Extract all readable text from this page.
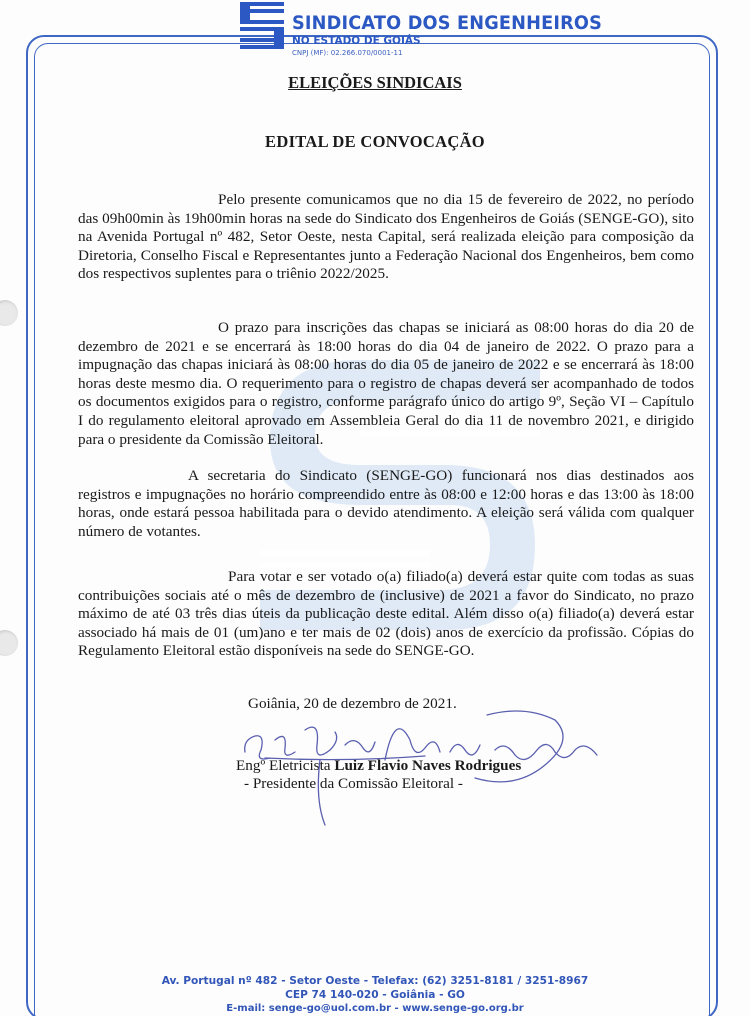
SINDICATO DOS ENGENHEIROS
NO ESTADO DE GOIÁS
CNPJ (MF): 02.266.070/0001-11
ELEIÇÕES SINDICAIS
EDITAL DE CONVOCAÇÃO

Pelo presente comunicamos que no dia 15 de fevereiro de 2022, no período das 09h00min às 19h00min horas na sede do Sindicato dos Engenheiros de Goiás (SENGE-GO), sito na Avenida Portugal nº 482, Setor Oeste, nesta Capital, será realizada eleição para composição da Diretoria, Conselho Fiscal e Representantes junto a Federação Nacional dos Engenheiros, bem como dos respectivos suplentes para o triênio 2022/2025.

O prazo para inscrições das chapas se iniciará as 08:00 horas do dia 20 de dezembro de 2021 e se encerrará às 18:00 horas do dia 04 de janeiro de 2022. O prazo para a impugnação das chapas iniciará às 08:00 horas do dia 05 de janeiro de 2022 e se encerrará às 18:00 horas deste mesmo dia. O requerimento para o registro de chapas deverá ser acompanhado de todos os documentos exigidos para o registro, conforme parágrafo único do artigo 9º, Seção VI – Capítulo I do regulamento eleitoral aprovado em Assembleia Geral do dia 11 de novembro 2021, e dirigido para o presidente da Comissão Eleitoral.

A secretaria do Sindicato (SENGE-GO) funcionará nos dias destinados aos registros e impugnações no horário compreendido entre às 08:00 e 12:00 horas e das 13:00 às 18:00 horas, onde estará pessoa habilitada para o devido atendimento. A eleição será válida com qualquer número de votantes.

Para votar e ser votado o(a) filiado(a) deverá estar quite com todas as suas contribuições sociais até o mês de dezembro de (inclusive) de 2021 a favor do Sindicato, no prazo máximo de até 03 três dias úteis da publicação deste edital. Além disso o(a) filiado(a) deverá estar associado há mais de 01 (um)ano e ter mais de 02 (dois) anos de exercício da profissão. Cópias do Regulamento Eleitoral estão disponíveis na sede do SENGE-GO.

Goiânia, 20 de dezembro de 2021.
Engº Eletricista Luiz Flavio Naves Rodrigues
- Presidente da Comissão Eleitoral -
Av. Portugal nº 482 - Setor Oeste - Telefax: (62) 3251-8181 / 3251-8967
CEP 74 140-020 - Goiânia - GO
E-mail: senge-go@uol.com.br - www.senge-go.org.br
